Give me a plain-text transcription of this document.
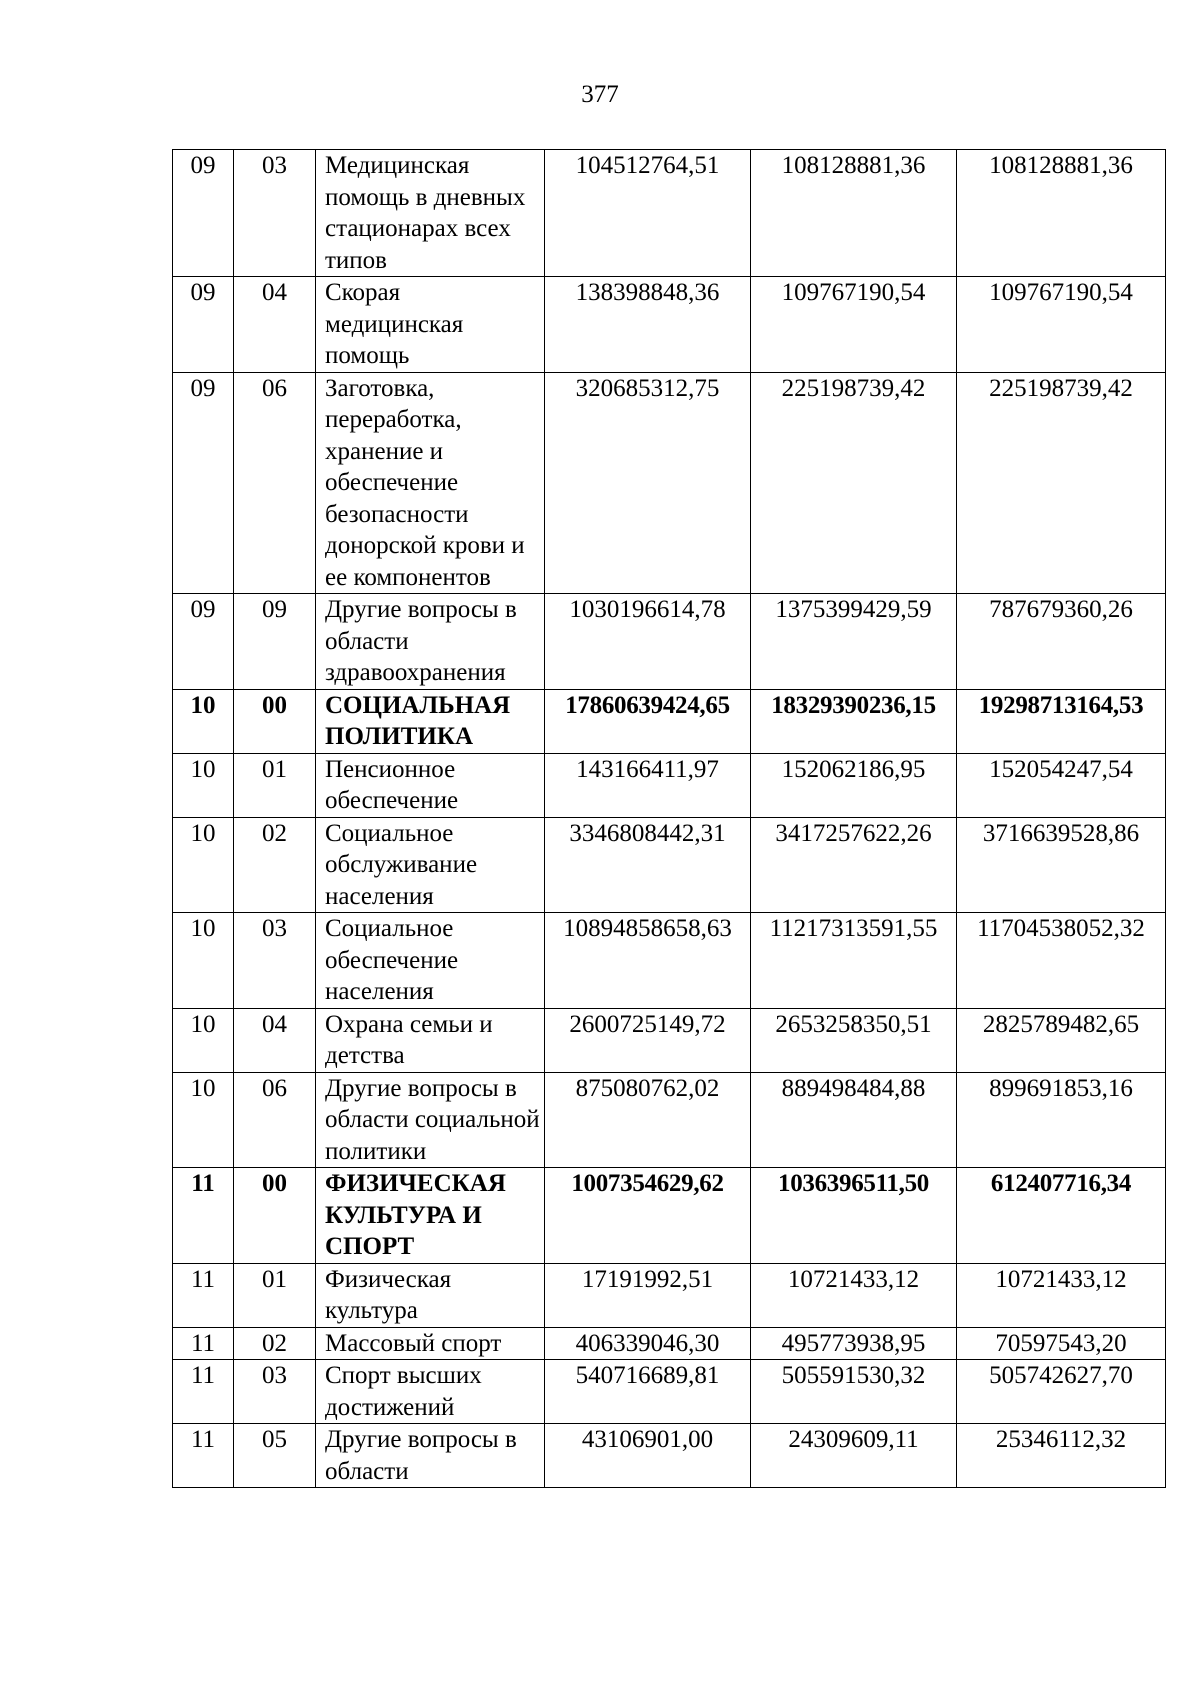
377
09	03	Медицинская помощь в дневных стационарах всех типов	104512764,51	108128881,36	108128881,36
09	04	Скорая медицинская помощь	138398848,36	109767190,54	109767190,54
09	06	Заготовка, переработка, хранение и обеспечение безопасности донорской крови и ее компонентов	320685312,75	225198739,42	225198739,42
09	09	Другие вопросы в области здравоохранения	1030196614,78	1375399429,59	787679360,26
10	00	СОЦИАЛЬНАЯ ПОЛИТИКА	17860639424,65	18329390236,15	19298713164,53
10	01	Пенсионное обеспечение	143166411,97	152062186,95	152054247,54
10	02	Социальное обслуживание населения	3346808442,31	3417257622,26	3716639528,86
10	03	Социальное обеспечение населения	10894858658,63	11217313591,55	11704538052,32
10	04	Охрана семьи и детства	2600725149,72	2653258350,51	2825789482,65
10	06	Другие вопросы в области социальной политики	875080762,02	889498484,88	899691853,16
11	00	ФИЗИЧЕСКАЯ КУЛЬТУРА И СПОРТ	1007354629,62	1036396511,50	612407716,34
11	01	Физическая культура	17191992,51	10721433,12	10721433,12
11	02	Массовый спорт	406339046,30	495773938,95	70597543,20
11	03	Спорт высших достижений	540716689,81	505591530,32	505742627,70
11	05	Другие вопросы в области	43106901,00	24309609,11	25346112,32
